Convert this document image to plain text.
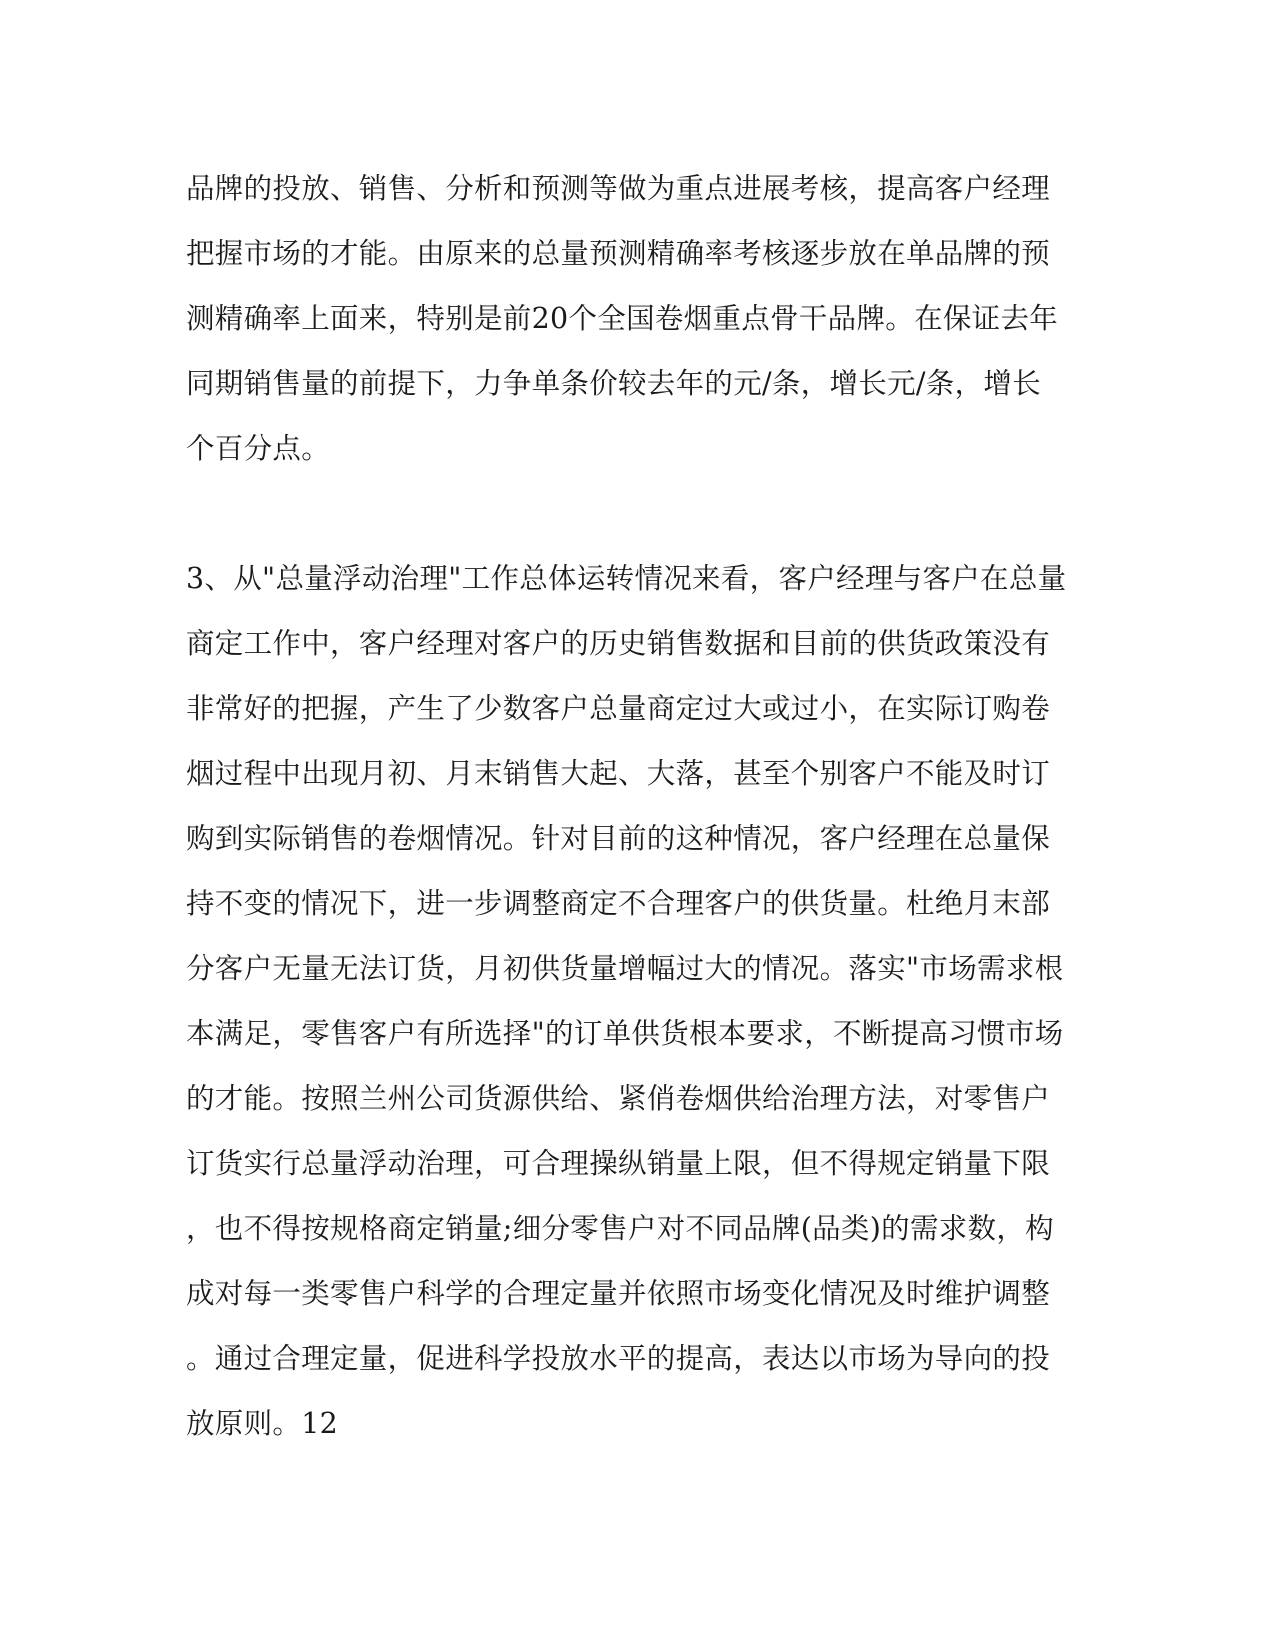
品牌的投放、销售、分析和预测等做为重点进展考核，提高客户经理
把握市场的才能。由原来的总量预测精确率考核逐步放在单品牌的预
测精确率上面来，特别是前20个全国卷烟重点骨干品牌。在保证去年
同期销售量的前提下，力争单条价较去年的元/条，增长元/条，增长
个百分点。
3、从"总量浮动治理"工作总体运转情况来看，客户经理与客户在总量
商定工作中，客户经理对客户的历史销售数据和目前的供货政策没有
非常好的把握，产生了少数客户总量商定过大或过小，在实际订购卷
烟过程中出现月初、月末销售大起、大落，甚至个别客户不能及时订
购到实际销售的卷烟情况。针对目前的这种情况，客户经理在总量保
持不变的情况下，进一步调整商定不合理客户的供货量。杜绝月末部
分客户无量无法订货，月初供货量增幅过大的情况。落实"市场需求根
本满足，零售客户有所选择"的订单供货根本要求，不断提高习惯市场
的才能。按照兰州公司货源供给、紧俏卷烟供给治理方法，对零售户
订货实行总量浮动治理，可合理操纵销量上限，但不得规定销量下限
，也不得按规格商定销量;细分零售户对不同品牌(品类)的需求数，构
成对每一类零售户科学的合理定量并依照市场变化情况及时维护调整
。通过合理定量，促进科学投放水平的提高，表达以市场为导向的投
放原则。12
